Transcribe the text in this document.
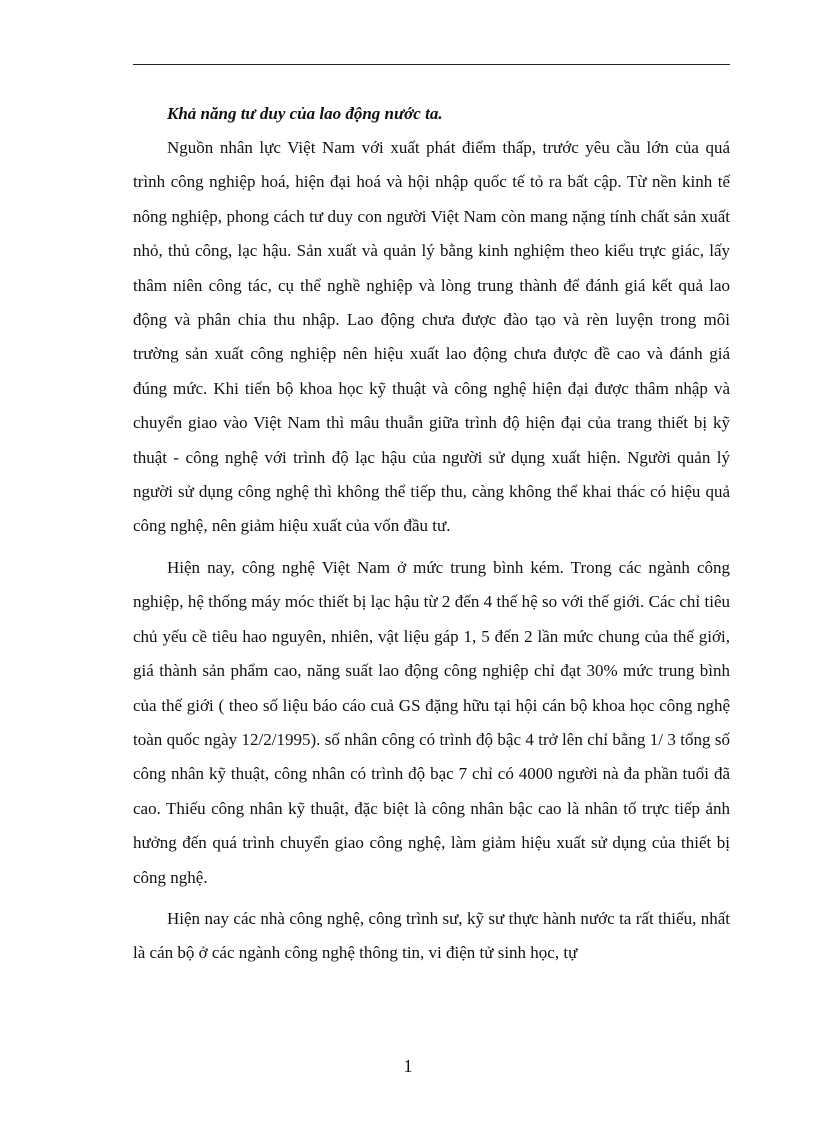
Khả năng tư duy của lao động nước ta.

Nguồn nhân lực Việt Nam với xuất phát điểm thấp, trước yêu cầu lớn của quá trình công nghiệp hoá, hiện đại hoá và hội nhập quốc tế tỏ ra bất cập. Từ nền kinh tế nông nghiệp, phong cách tư duy con người Việt Nam còn mang nặng tính chất sản xuất nhỏ, thủ công, lạc hậu. Sản xuất và quản lý bằng kinh nghiệm theo kiểu trực giác, lấy thâm niên công tác, cụ thể nghề nghiệp và lòng trung thành để đánh giá kết quả lao động và phân chia thu nhập. Lao động chưa được đào tạo và rèn luyện trong môi trường sản xuất công nghiệp nên hiệu xuất lao động chưa được đề cao và đánh giá đúng mức. Khi tiến bộ khoa học kỹ thuật và công nghệ hiện đại được thâm nhập và chuyển giao vào Việt Nam thì mâu thuẫn giữa trình độ hiện đại của trang thiết bị kỹ thuật - công nghệ với trình độ lạc hậu của người sử dụng xuất hiện. Người quản lý người sử dụng công nghệ thì không thể tiếp thu, càng không thể khai thác có hiệu quả công nghệ, nên giảm hiệu xuất của vốn đầu tư.

Hiện nay, công nghệ Việt Nam ở mức trung bình kém. Trong các ngành công nghiệp, hệ thống máy móc thiết bị lạc hậu từ 2 đến 4 thế hệ so với thế giới. Các chỉ tiêu chủ yếu cề tiêu hao nguyên, nhiên, vật liệu gáp 1, 5 đến 2 lần mức chung của thế giới, giá thành sản phẩm cao, năng suất lao động công nghiệp chỉ đạt 30% mức trung bình của thế giới ( theo số liệu báo cáo cuả GS đặng hữu tại hội cán bộ khoa học công nghệ toàn quốc ngày 12/2/1995). số nhân công có trình độ bậc 4 trở lên chỉ bằng 1/ 3 tổng số công nhân kỹ thuật, công nhân có trình độ bạc 7 chỉ có 4000 người nà đa phần tuổi đã cao. Thiếu công nhân kỹ thuật, đặc biệt là công nhân bậc cao là nhân tố trực tiếp ảnh hưởng đến quá trình chuyển giao công nghệ, làm giảm hiệu xuất sử dụng của thiết bị công nghệ.

Hiện nay các nhà công nghệ, công trình sư, kỹ sư thực hành nước ta rất thiếu, nhất là cán bộ ở các ngành công nghệ thông tin, vi điện tử sinh học, tự

1
